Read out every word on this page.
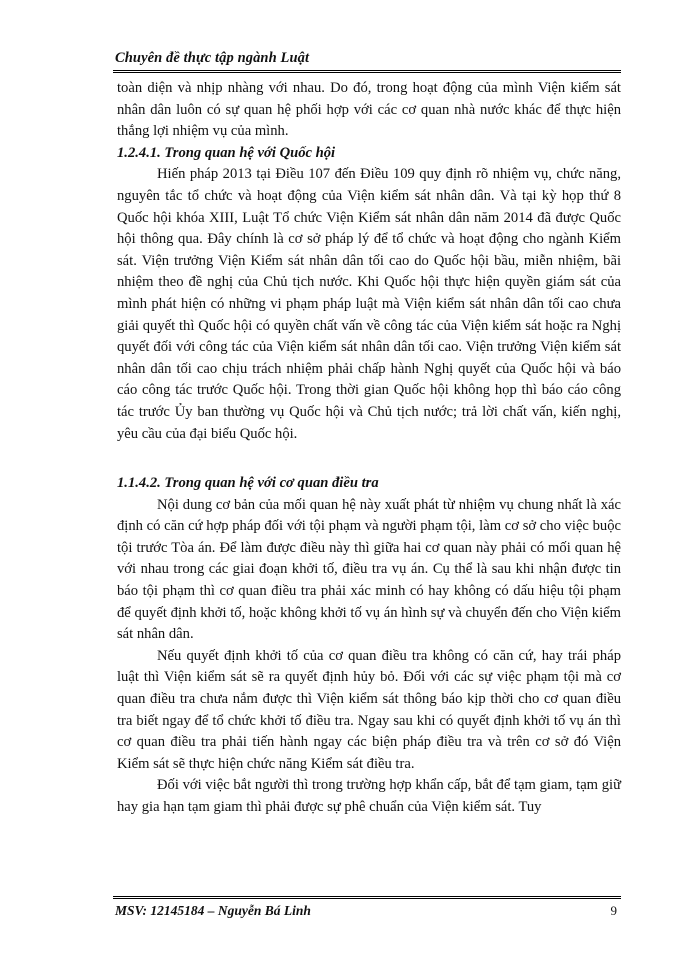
Chuyên đề thực tập ngành Luật

toàn diện và nhịp nhàng với nhau. Do đó, trong hoạt động của mình Viện kiểm sát nhân dân luôn có sự quan hệ phối hợp với các cơ quan nhà nước khác để thực hiện thắng lợi nhiệm vụ của mình.

1.2.4.1. Trong quan hệ với Quốc hội

Hiến pháp 2013 tại Điều 107 đến Điều 109 quy định rõ nhiệm vụ, chức năng, nguyên tắc tổ chức và hoạt động của Viện kiểm sát nhân dân. Và tại kỳ họp thứ 8 Quốc hội khóa XIII, Luật Tổ chức Viện Kiểm sát nhân dân năm 2014 đã được Quốc hội thông qua. Đây chính là cơ sở pháp lý để tổ chức và hoạt động cho ngành Kiểm sát. Viện trưởng Viện Kiểm sát nhân dân tối cao do Quốc hội bầu, miễn nhiệm, bãi nhiệm theo đề nghị của Chủ tịch nước. Khi Quốc hội thực hiện quyền giám sát của mình phát hiện có những vi phạm pháp luật mà Viện kiểm sát nhân dân tối cao chưa giải quyết thì Quốc hội có quyền chất vấn về công tác của Viện kiểm sát hoặc ra Nghị quyết đối với công tác của Viện kiểm sát nhân dân tối cao. Viện trưởng Viện kiểm sát nhân dân tối cao chịu trách nhiệm phải chấp hành Nghị quyết của Quốc hội và báo cáo công tác trước Quốc hội. Trong thời gian Quốc hội không họp thì báo cáo công tác trước Ủy ban thường vụ Quốc hội và Chủ tịch nước; trả lời chất vấn, kiến nghị, yêu cầu của đại biểu Quốc hội.

1.1.4.2. Trong quan hệ với cơ quan điều tra

Nội dung cơ bản của mối quan hệ này xuất phát từ nhiệm vụ chung nhất là xác định có căn cứ hợp pháp đối với tội phạm và người phạm tội, làm cơ sở cho việc buộc tội trước Tòa án. Để làm được điều này thì giữa hai cơ quan này phải có mối quan hệ với nhau trong các giai đoạn khởi tố, điều tra vụ án. Cụ thể là sau khi nhận được tin báo tội phạm thì cơ quan điều tra phải xác minh có hay không có dấu hiệu tội phạm để quyết định khởi tố, hoặc không khởi tố vụ án hình sự và chuyển đến cho Viện kiểm sát nhân dân.

Nếu quyết định khởi tố của cơ quan điều tra không có căn cứ, hay trái pháp luật thì Viện kiểm sát sẽ ra quyết định hủy bỏ. Đối với các sự việc phạm tội mà cơ quan điều tra chưa nắm được thì Viện kiểm sát thông báo kịp thời cho cơ quan điều tra biết ngay để tổ chức khởi tố điều tra. Ngay sau khi có quyết định khởi tố vụ án thì cơ quan điều tra phải tiến hành ngay các biện pháp điều tra và trên cơ sở đó Viện Kiểm sát sẽ thực hiện chức năng Kiểm sát điều tra.

Đối với việc bắt người thì trong trường hợp khẩn cấp, bắt để tạm giam, tạm giữ hay gia hạn tạm giam thì phải được sự phê chuẩn của Viện kiểm sát. Tuy

MSV: 12145184 – Nguyễn Bá Linh	9
